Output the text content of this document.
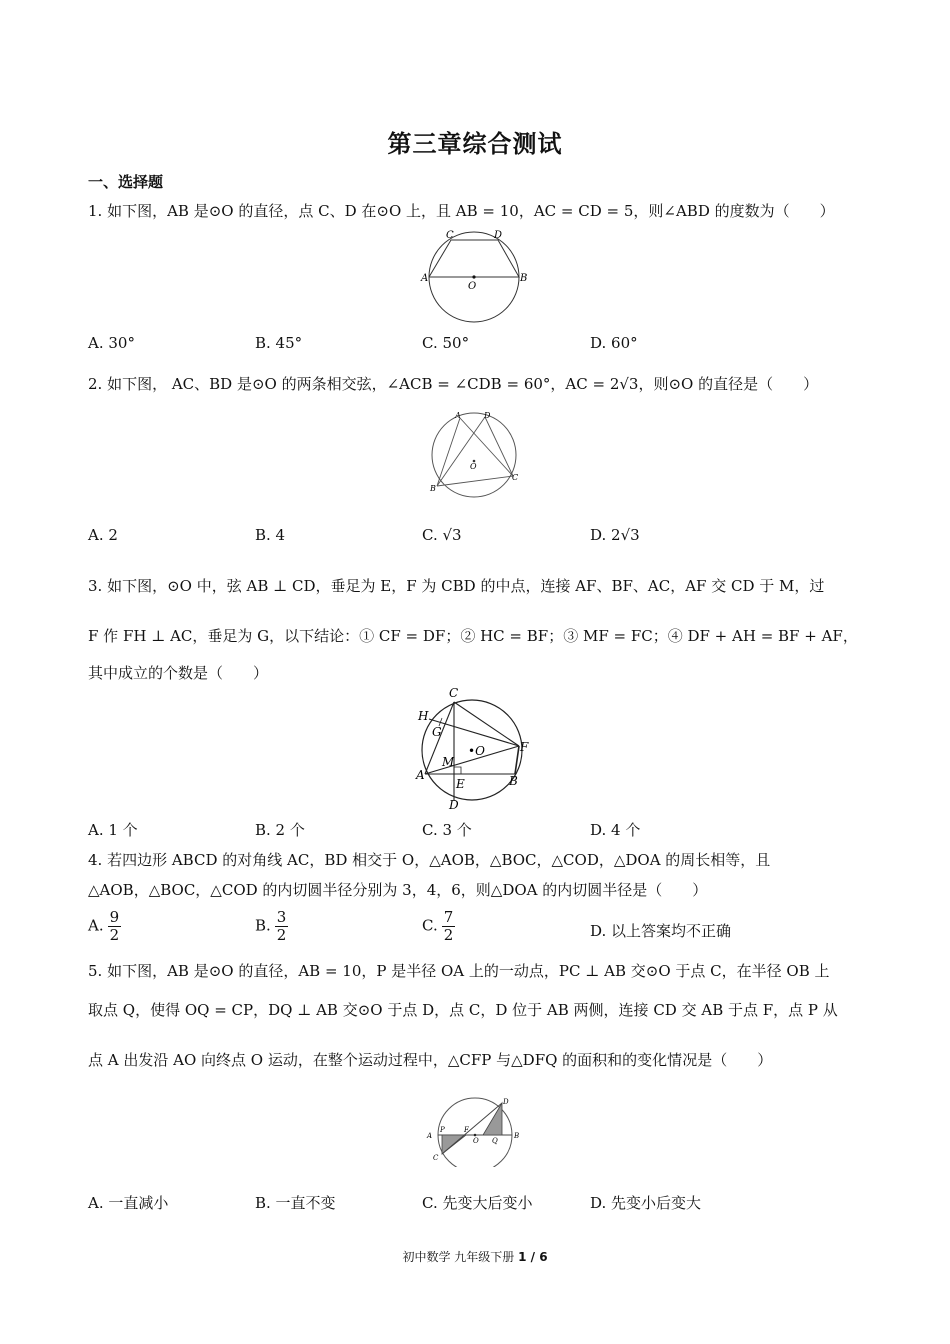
第三章综合测试
一、选择题
1. 如下图，AB 是⊙O 的直径，点 C、D 在⊙O 上，且 AB = 10，AC = CD = 5，则∠ABD 的度数为（　　）
C	D
A	B
O
A. 30°	B. 45°	C. 50°	D. 60°
2. 如下图， AC、BD 是⊙O 的两条相交弦，∠ACB = ∠CDB = 60°，AC = 2√3，则⊙O 的直径是（　　）
A	D
O
B
C
A. 2	B. 4	C. √3	D. 2√3
3. 如下图，⊙O 中，弦 AB ⊥ CD，垂足为 E，F 为 CBD 的中点，连接 AF、BF、AC，AF 交 CD 于 M，过
F 作 FH ⊥ AC，垂足为 G，以下结论：① CF = DF；② HC = BF；③ MF = FC；④ DF + AH = BF + AF，
其中成立的个数是（　　）
C
H
G
•O	F
M
A
E	B
D
A. 1 个	B. 2 个	C. 3 个	D. 4 个
4. 若四边形 ABCD 的对角线 AC，BD 相交于 O，△AOB，△BOC，△COD，△DOA 的周长相等，且
△AOB，△BOC，△COD 的内切圆半径分别为 3，4，6，则△DOA 的内切圆半径是（　　）
A. $\frac{9}{2}$	B. $\frac{3}{2}$	C. $\frac{7}{2}$	D. 以上答案均不正确
5. 如下图，AB 是⊙O 的直径，AB = 10，P 是半径 OA 上的一动点，PC ⊥ AB 交⊙O 于点 C，在半径 OB 上
取点 Q，使得 OQ = CP，DQ ⊥ AB 交⊙O 于点 D，点 C，D 位于 AB 两侧，连接 CD 交 AB 于点 F，点 P 从
点 A 出发沿 AO 向终点 O 运动，在整个运动过程中，△CFP 与△DFQ 的面积和的变化情况是（　　）
D
A
P	F
O Q
B
C
A. 一直减小	B. 一直不变	C. 先变大后变小	D. 先变小后变大
初中数学 九年级下册 1 / 6
